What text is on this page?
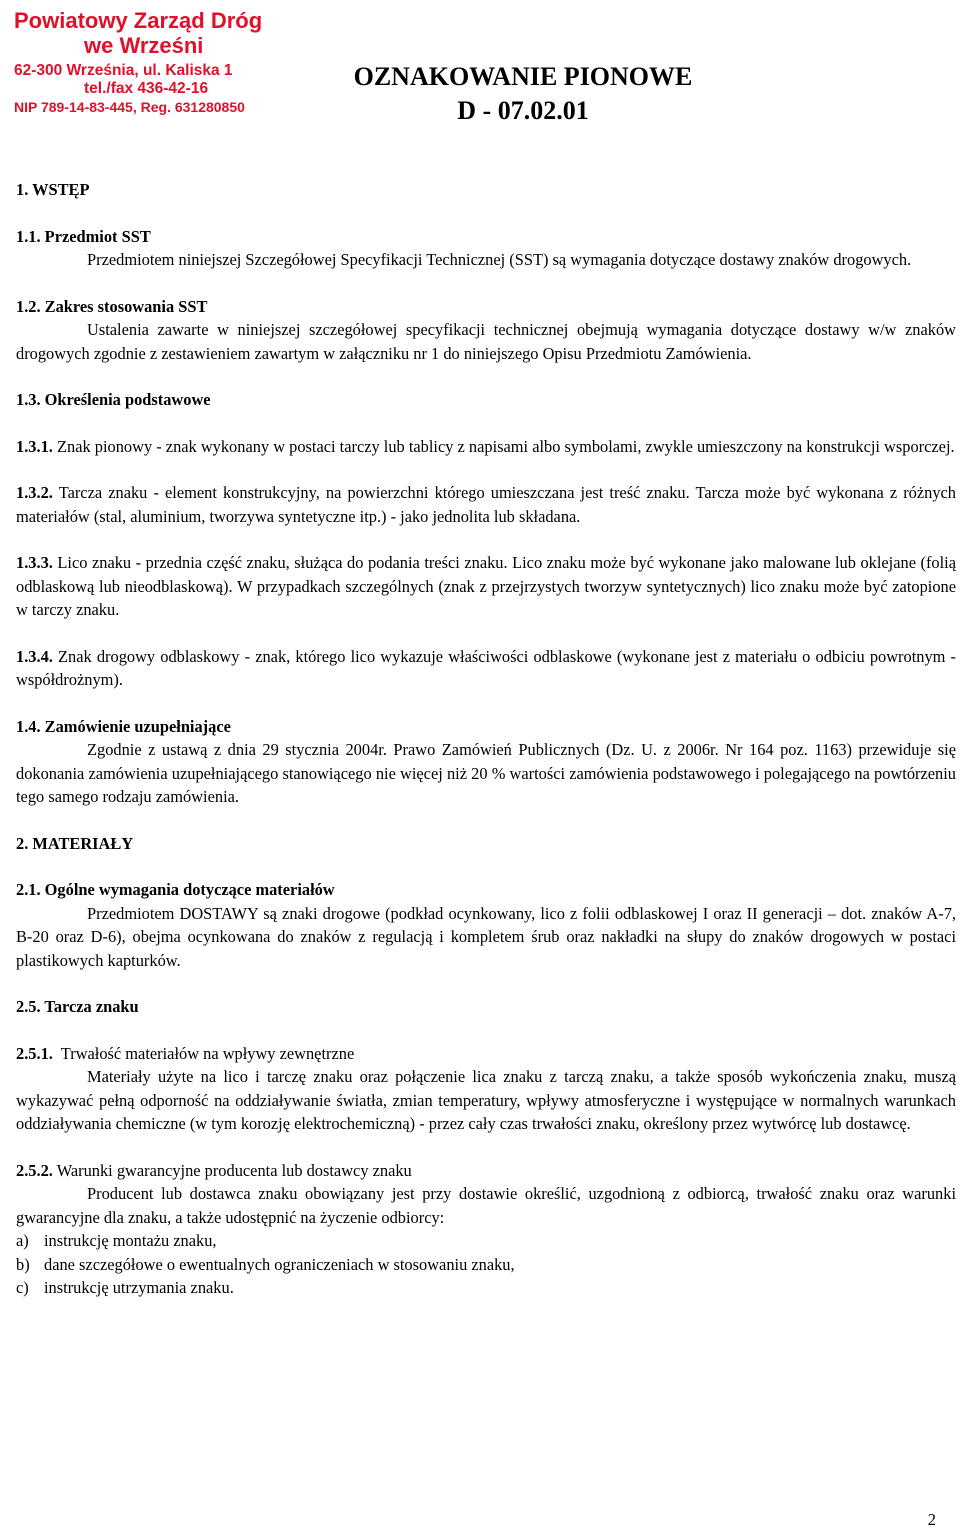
Powiatowy Zarząd Dróg
we Wrześni
62-300 Września, ul. Kaliska 1
tel./fax 436-42-16
NIP 789-14-83-445, Reg. 631280850
OZNAKOWANIE PIONOWE
D - 07.02.01

1. WSTĘP

1.1. Przedmiot SST

Przedmiotem niniejszej Szczegółowej Specyfikacji Technicznej (SST) są wymagania dotyczące dostawy znaków drogowych.

1.2. Zakres stosowania SST

Ustalenia zawarte w niniejszej szczegółowej specyfikacji technicznej obejmują wymagania dotyczące dostawy w/w znaków drogowych zgodnie z zestawieniem zawartym w załączniku nr 1 do niniejszego Opisu Przedmiotu Zamówienia.

1.3. Określenia podstawowe

1.3.1. Znak pionowy - znak wykonany w postaci tarczy lub tablicy z napisami albo symbolami, zwykle umieszczony na konstrukcji wsporczej.

1.3.2. Tarcza znaku - element konstrukcyjny, na powierzchni którego umieszczana jest treść znaku. Tarcza może być wykonana z różnych materiałów (stal, aluminium, tworzywa syntetyczne itp.) - jako jednolita lub składana.

1.3.3. Lico znaku - przednia część znaku, służąca do podania treści znaku. Lico znaku może być wykonane jako malowane lub oklejane (folią odblaskową lub nieodblaskową). W przypadkach szczególnych (znak z przejrzystych tworzyw syntetycznych) lico znaku może być zatopione w tarczy znaku.

1.3.4. Znak drogowy odblaskowy - znak, którego lico wykazuje właściwości odblaskowe (wykonane jest z materiału o odbiciu powrotnym - współdrożnym).

1.4. Zamówienie uzupełniające

Zgodnie z ustawą z dnia 29 stycznia 2004r. Prawo Zamówień Publicznych (Dz. U. z 2006r. Nr 164 poz. 1163) przewiduje się dokonania zamówienia uzupełniającego stanowiącego nie więcej niż 20 % wartości zamówienia podstawowego i polegającego na powtórzeniu tego samego rodzaju zamówienia.

2. MATERIAŁY

2.1. Ogólne wymagania dotyczące materiałów

Przedmiotem DOSTAWY są znaki drogowe (podkład ocynkowany, lico z folii odblaskowej I oraz II generacji – dot. znaków A-7, B-20 oraz D-6), obejma ocynkowana do znaków z regulacją i kompletem śrub oraz nakładki na słupy do znaków drogowych w postaci plastikowych kapturków.

2.5. Tarcza znaku

2.5.1. Trwałość materiałów na wpływy zewnętrzne

Materiały użyte na lico i tarczę znaku oraz połączenie lica znaku z tarczą znaku, a także sposób wykończenia znaku, muszą wykazywać pełną odporność na oddziaływanie światła, zmian temperatury, wpływy atmosferyczne i występujące w normalnych warunkach oddziaływania chemiczne (w tym korozję elektrochemiczną) - przez cały czas trwałości znaku, określony przez wytwórcę lub dostawcę.

2.5.2. Warunki gwarancyjne producenta lub dostawcy znaku

Producent lub dostawca znaku obowiązany jest przy dostawie określić, uzgodnioną z odbiorcą, trwałość znaku oraz warunki gwarancyjne dla znaku, a także udostępnić na życzenie odbiorcy:

a) instrukcję montażu znaku,

b) dane szczegółowe o ewentualnych ograniczeniach w stosowaniu znaku,

c) instrukcję utrzymania znaku.

2
